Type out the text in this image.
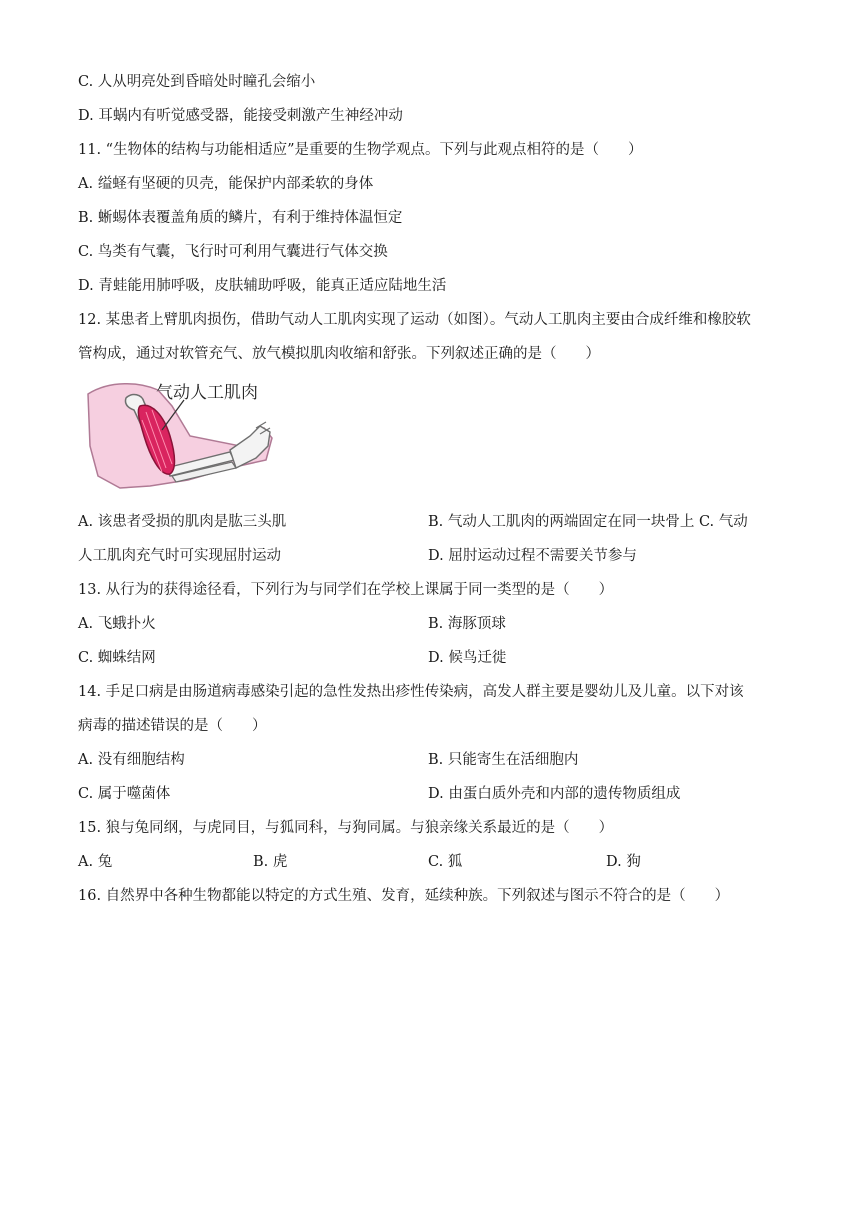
C. 人从明亮处到昏暗处时瞳孔会缩小
D. 耳蜗内有听觉感受器，能接受刺激产生神经冲动
11. “生物体的结构与功能相适应”是重要的生物学观点。下列与此观点相符的是（　　）
A. 缢蛏有坚硬的贝壳，能保护内部柔软的身体
B. 蜥蜴体表覆盖角质的鳞片，有利于维持体温恒定
C. 鸟类有气囊，飞行时可利用气囊进行气体交换
D. 青蛙能用肺呼吸，皮肤辅助呼吸，能真正适应陆地生活
12. 某患者上臂肌肉损伤，借助气动人工肌肉实现了运动（如图）。气动人工肌肉主要由合成纤维和橡胶软
管构成，通过对软管充气、放气模拟肌肉收缩和舒张。下列叙述正确的是（　　）
气动人工肌肉
A. 该患者受损的肌肉是肱三头肌	B. 气动人工肌肉的两端固定在同一块骨上 C. 气动
人工肌肉充气时可实现屈肘运动	D. 屈肘运动过程不需要关节参与
13. 从行为的获得途径看，下列行为与同学们在学校上课属于同一类型的是（　　）
A. 飞蛾扑火	B. 海豚顶球
C. 蜘蛛结网	D. 候鸟迁徙
14. 手足口病是由肠道病毒感染引起的急性发热出疹性传染病，高发人群主要是婴幼儿及儿童。以下对该
病毒的描述错误的是（　　）
A. 没有细胞结构	B. 只能寄生在活细胞内
C. 属于噬菌体	D. 由蛋白质外壳和内部的遗传物质组成
15. 狼与兔同纲，与虎同目，与狐同科，与狗同属。与狼亲缘关系最近的是（　　）
A. 兔	B. 虎	C. 狐	D. 狗
16. 自然界中各种生物都能以特定的方式生殖、发育，延续种族。下列叙述与图示不符合的是（　　）
